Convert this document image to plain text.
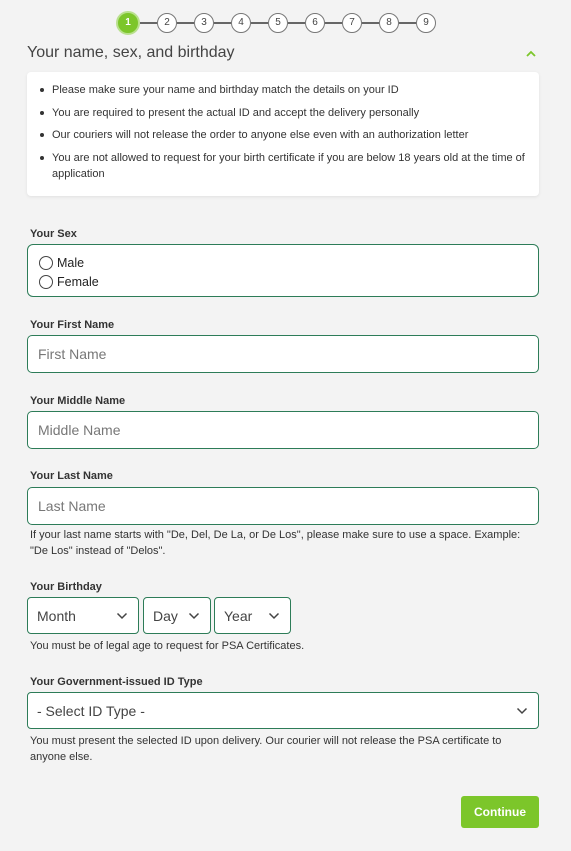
1	2	3	4	5	6	7	8	9
Your name, sex, and birthday
Please make sure your name and birthday match the details on your ID
You are required to present the actual ID and accept the delivery personally
Our couriers will not release the order to anyone else even with an authorization letter
You are not allowed to request for your birth certificate if you are below 18 years old at the time of application
Your Sex
Male
Female
Your First Name
First Name
Your Middle Name
Middle Name
Your Last Name
Last Name
If your last name starts with "De, Del, De La, or De Los", please make sure to use a space. Example: "De Los" instead of "Delos".
Your Birthday
Month	Day	Year
You must be of legal age to request for PSA Certificates.
Your Government-issued ID Type
- Select ID Type -
You must present the selected ID upon delivery. Our courier will not release the PSA certificate to anyone else.
Continue
